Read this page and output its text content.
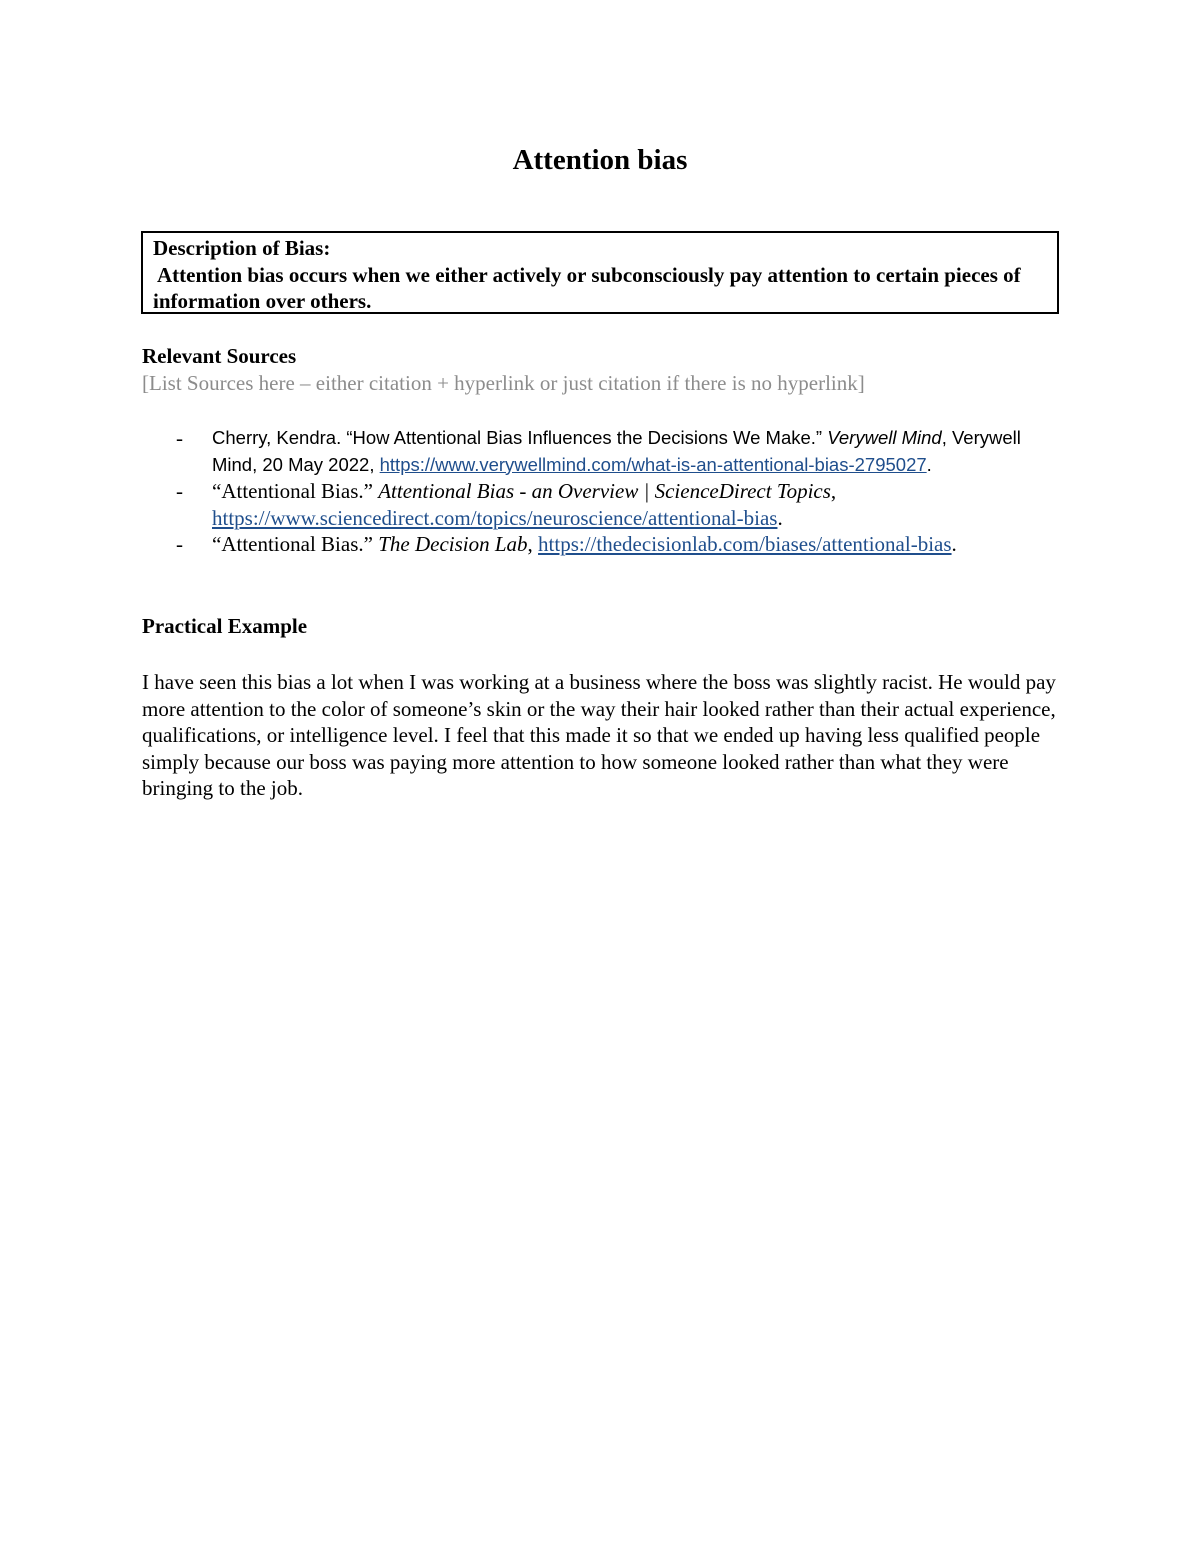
Attention bias
Description of Bias:
Attention bias occurs when we either actively or subconsciously pay attention to certain pieces of information over others.
Relevant Sources
[List Sources here – either citation + hyperlink or just citation if there is no hyperlink]
- Cherry, Kendra. “How Attentional Bias Influences the Decisions We Make.” Verywell Mind, Verywell Mind, 20 May 2022, https://www.verywellmind.com/what-is-an-attentional-bias-2795027.
- “Attentional Bias.” Attentional Bias - an Overview | ScienceDirect Topics, https://www.sciencedirect.com/topics/neuroscience/attentional-bias.
- “Attentional Bias.” The Decision Lab, https://thedecisionlab.com/biases/attentional-bias.
Practical Example
I have seen this bias a lot when I was working at a business where the boss was slightly racist. He would pay more attention to the color of someone’s skin or the way their hair looked rather than their actual experience, qualifications, or intelligence level. I feel that this made it so that we ended up having less qualified people simply because our boss was paying more attention to how someone looked rather than what they were bringing to the job.
